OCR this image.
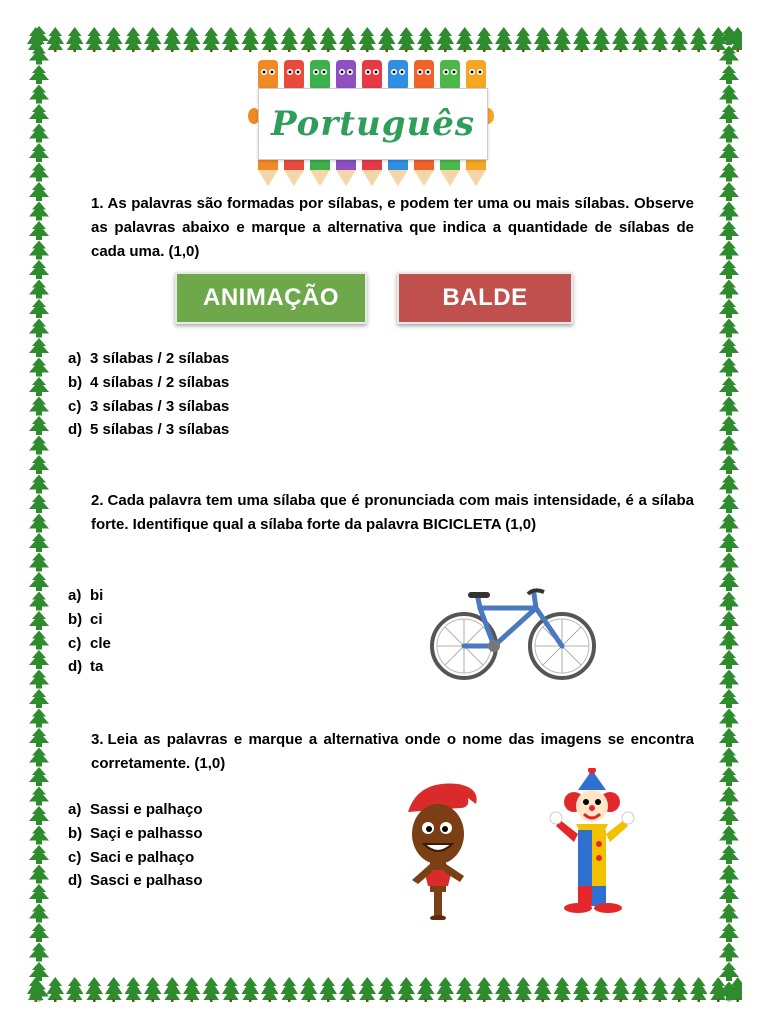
Português

1. As palavras são formadas por sílabas, e podem ter uma ou mais sílabas. Observe as palavras abaixo e marque a alternativa que indica a quantidade de sílabas de cada uma. (1,0)

ANIMAÇÃO	BALDE
a) 3 sílabas / 2 sílabas
b) 4 sílabas / 2 sílabas
c) 3 sílabas / 3 sílabas
d) 5 sílabas / 3 sílabas

2. Cada palavra tem uma sílaba que é pronunciada com mais intensidade, é a sílaba forte. Identifique qual a sílaba forte da palavra BICICLETA (1,0)

a) bi
b) ci
c) cle
d) ta

3. Leia as palavras e marque a alternativa onde o nome das imagens se encontra corretamente. (1,0)

a) Sassi e palhaço
b) Saçi e palhasso
c) Saci e palhaço
d) Sasci e palhaso
